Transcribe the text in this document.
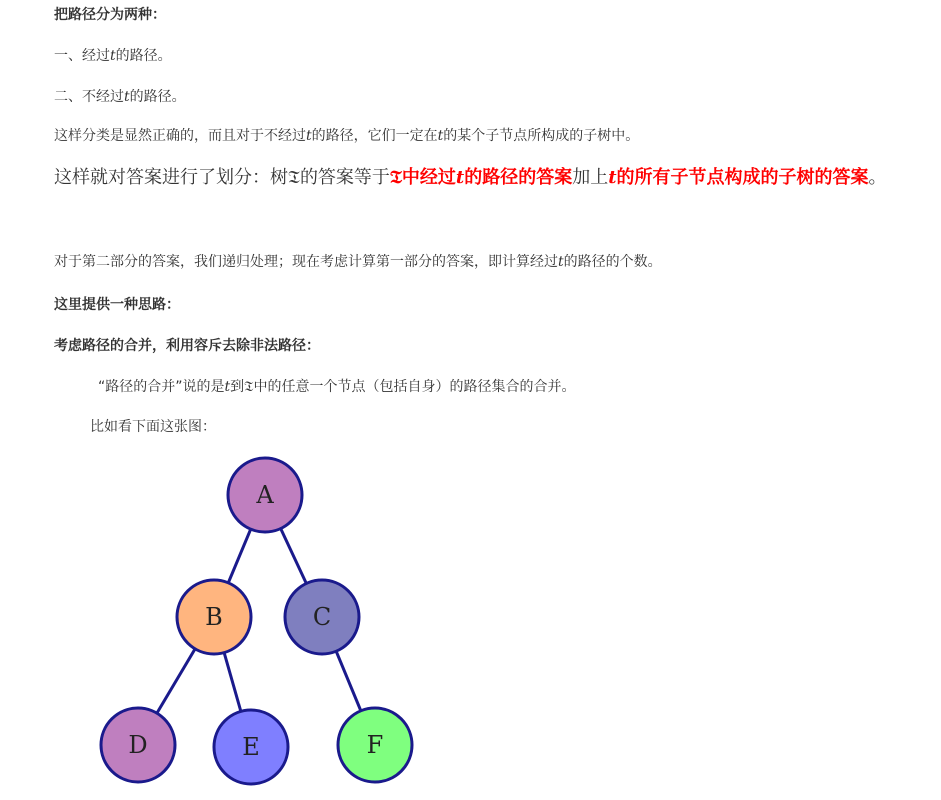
把路径分为两种：
一、经过t的路径。
二、不经过t的路径。
这样分类是显然正确的，而且对于不经过t的路径，它们一定在t的某个子节点所构成的子树中。
这样就对答案进行了划分：树𝔗的答案等于𝔗中经过t的路径的答案加上t的所有子节点构成的子树的答案。
对于第二部分的答案，我们递归处理；现在考虑计算第一部分的答案，即计算经过t的路径的个数。
这里提供一种思路：
考虑路径的合并，利用容斥去除非法路径：
“路径的合并”说的是t到𝔗中的任意一个节点（包括自身）的路径集合的合并。
比如看下面这张图：
A
B	C
D	E	F
